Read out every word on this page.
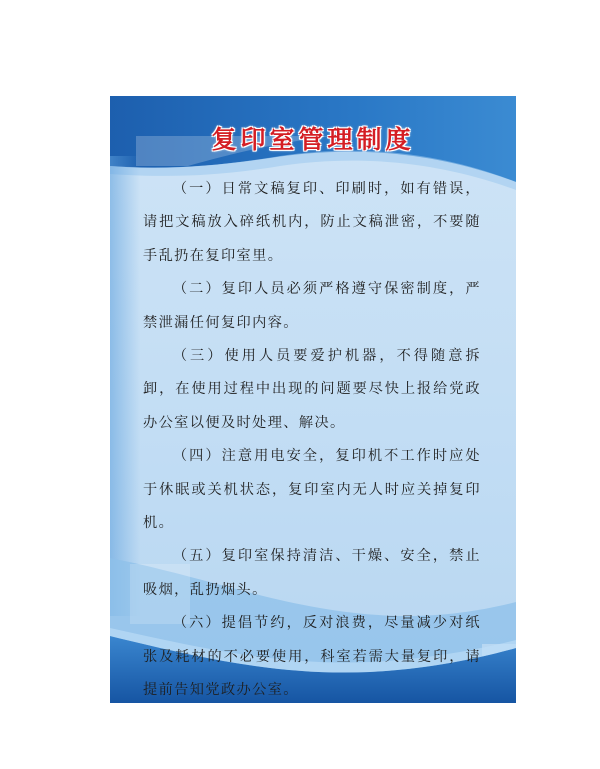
复印室管理制度

（一）日常文稿复印、印刷时，如有错误，请把文稿放入碎纸机内，防止文稿泄密，不要随手乱扔在复印室里。

（二）复印人员必须严格遵守保密制度，严禁泄漏任何复印内容。

（三）使用人员要爱护机器，不得随意拆卸，在使用过程中出现的问题要尽快上报给党政办公室以便及时处理、解决。

（四）注意用电安全，复印机不工作时应处于休眠或关机状态，复印室内无人时应关掉复印机。

（五）复印室保持清洁、干燥、安全，禁止吸烟，乱扔烟头。

（六）提倡节约，反对浪费，尽量减少对纸张及耗材的不必要使用，科室若需大量复印，请提前告知党政办公室。
